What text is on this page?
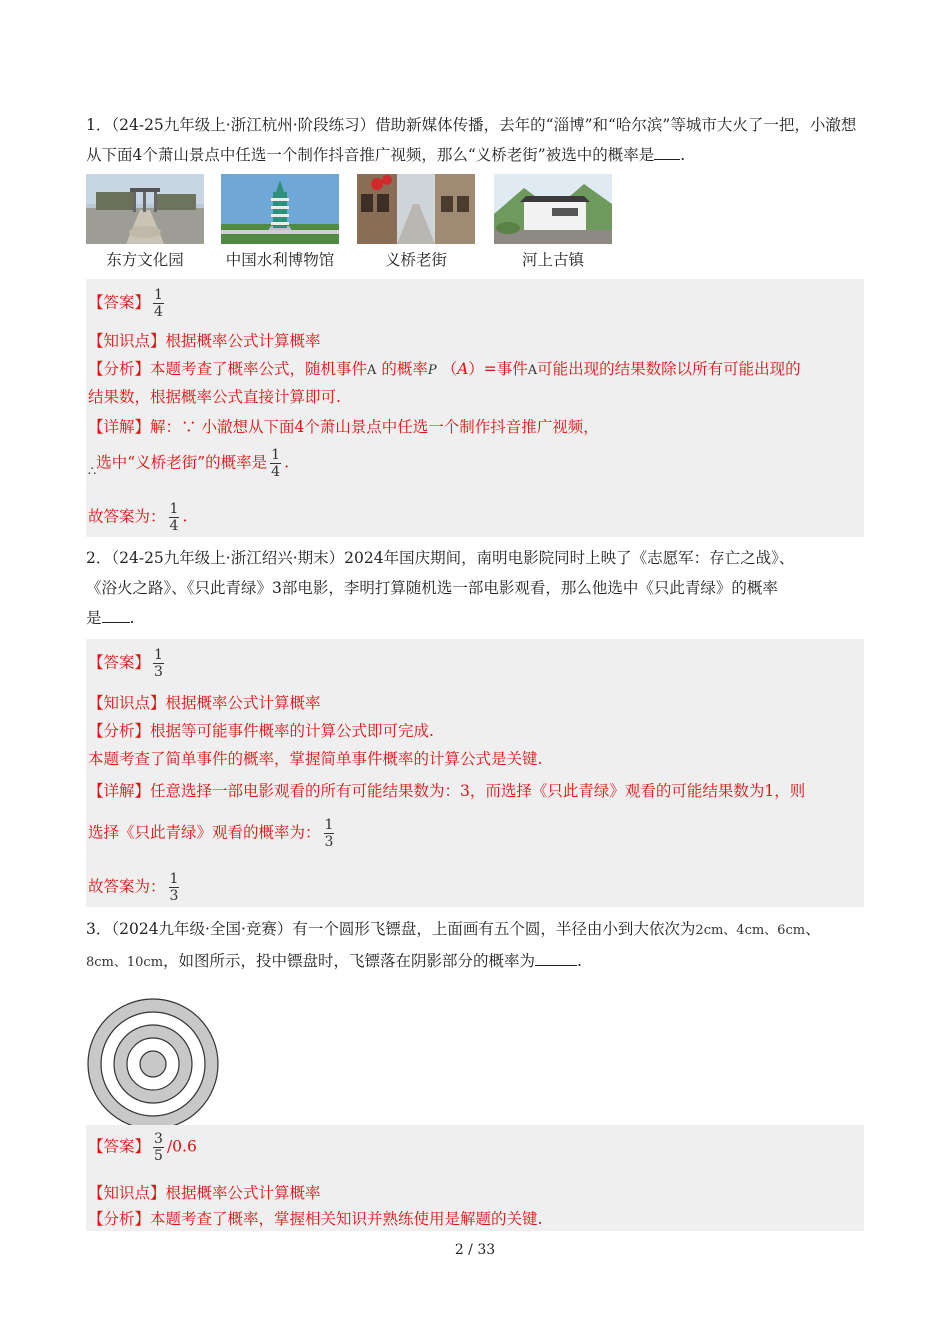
1．（24-25九年级上·浙江杭州·阶段练习）借助新媒体传播，去年的“淄博”和“哈尔滨”等城市大火了一把，小澈想从下面4个萧山景点中任选一个制作抖音推广视频，那么“义桥老街”被选中的概率是 .
东方文化园	中国水利博物馆	义桥老街	河上古镇
【答案】 $\frac{1}{4}$
【知识点】根据概率公式计算概率
【分析】本题考查了概率公式，随机事件A 的概率P （A）=事件A可能出现的结果数除以所有可能出现的
结果数，根据概率公式直接计算即可.
【详解】解：∵ 小澈想从下面4个萧山景点中任选一个制作抖音推广视频，
$_\therefore$选中“义桥老街”的概率是 $\frac{1}{4}$ .
故答案为： $\frac{1}{4}$ .
2．（24-25九年级上·浙江绍兴·期末）2024年国庆期间，南明电影院同时上映了《志愿军：存亡之战》、
《浴火之路》、《只此青绿》3部电影，李明打算随机选一部电影观看，那么他选中《只此青绿》的概率
是 .
【答案】 $\frac{1}{3}$
【知识点】根据概率公式计算概率
【分析】根据等可能事件概率的计算公式即可完成.
本题考查了简单事件的概率，掌握简单事件概率的计算公式是关键.
【详解】任意选择一部电影观看的所有可能结果数为：3，而选择《只此青绿》观看的可能结果数为1，则
选择《只此青绿》观看的概率为： $\frac{1}{3}$
故答案为： $\frac{1}{3}$
3．（2024九年级·全国·竞赛）有一个圆形飞镖盘，上面画有五个圆，半径由小到大依次为2cm、4cm、6cm、
8cm、10cm，如图所示，投中镖盘时，飞镖落在阴影部分的概率为	.
【答案】 $\frac{3}{5} /0.6$
【知识点】根据概率公式计算概率
【分析】本题考查了概率，掌握相关知识并熟练使用是解题的关键.
2 / 33
